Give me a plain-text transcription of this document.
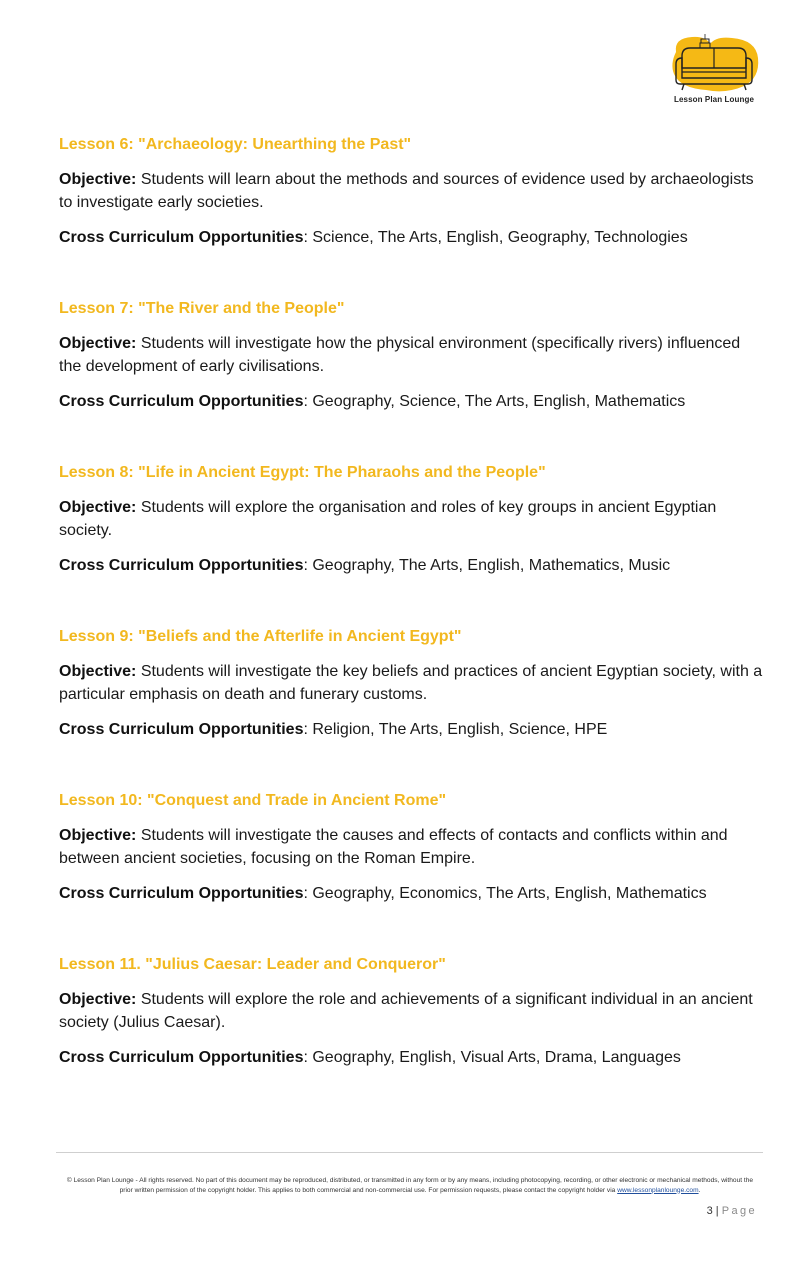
Lesson Plan Lounge
Lesson 6: "Archaeology: Unearthing the Past"

Objective: Students will learn about the methods and sources of evidence used by archaeologists to investigate early societies.

Cross Curriculum Opportunities: Science, The Arts, English, Geography, Technologies

Lesson 7: "The River and the People"

Objective: Students will investigate how the physical environment (specifically rivers) influenced the development of early civilisations.

Cross Curriculum Opportunities: Geography, Science, The Arts, English, Mathematics

Lesson 8: "Life in Ancient Egypt: The Pharaohs and the People"

Objective: Students will explore the organisation and roles of key groups in ancient Egyptian society.

Cross Curriculum Opportunities: Geography, The Arts, English, Mathematics, Music

Lesson 9: "Beliefs and the Afterlife in Ancient Egypt"

Objective: Students will investigate the key beliefs and practices of ancient Egyptian society, with a particular emphasis on death and funerary customs.

Cross Curriculum Opportunities: Religion, The Arts, English, Science, HPE

Lesson 10: "Conquest and Trade in Ancient Rome"

Objective: Students will investigate the causes and effects of contacts and conflicts within and between ancient societies, focusing on the Roman Empire.

Cross Curriculum Opportunities: Geography, Economics, The Arts, English, Mathematics

Lesson 11. "Julius Caesar: Leader and Conqueror"

Objective: Students will explore the role and achievements of a significant individual in an ancient society (Julius Caesar).

Cross Curriculum Opportunities: Geography, English, Visual Arts, Drama, Languages

© Lesson Plan Lounge - All rights reserved. No part of this document may be reproduced, distributed, or transmitted in any form or by any means, including photocopying, recording, or other electronic or mechanical methods, without the prior written permission of the copyright holder. This applies to both commercial and non-commercial use. For permission requests, please contact the copyright holder via www.lessonplanlounge.com.
3 | Page
